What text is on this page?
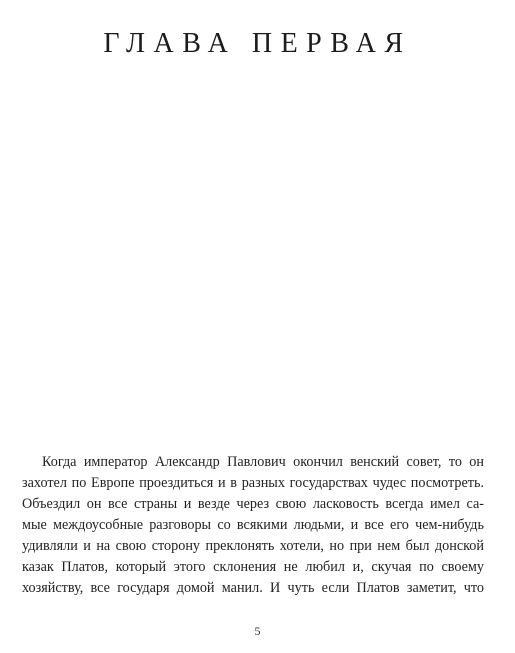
ГЛАВА ПЕРВАЯ
Когда император Александр Павлович окончил венский совет, то он
захотел по Европе проездиться и в разных государствах чудес посмотреть.
Объездил он все страны и везде через свою ласковость всегда имел са-
мые междоусобные разговоры со всякими людьми, и все его чем-нибудь
удивляли и на свою сторону преклонять хотели, но при нем был донской
казак Платов, который этого склонения не любил и, скучая по своему
хозяйству, все государя домой манил. И чуть если Платов заметит, что
5
